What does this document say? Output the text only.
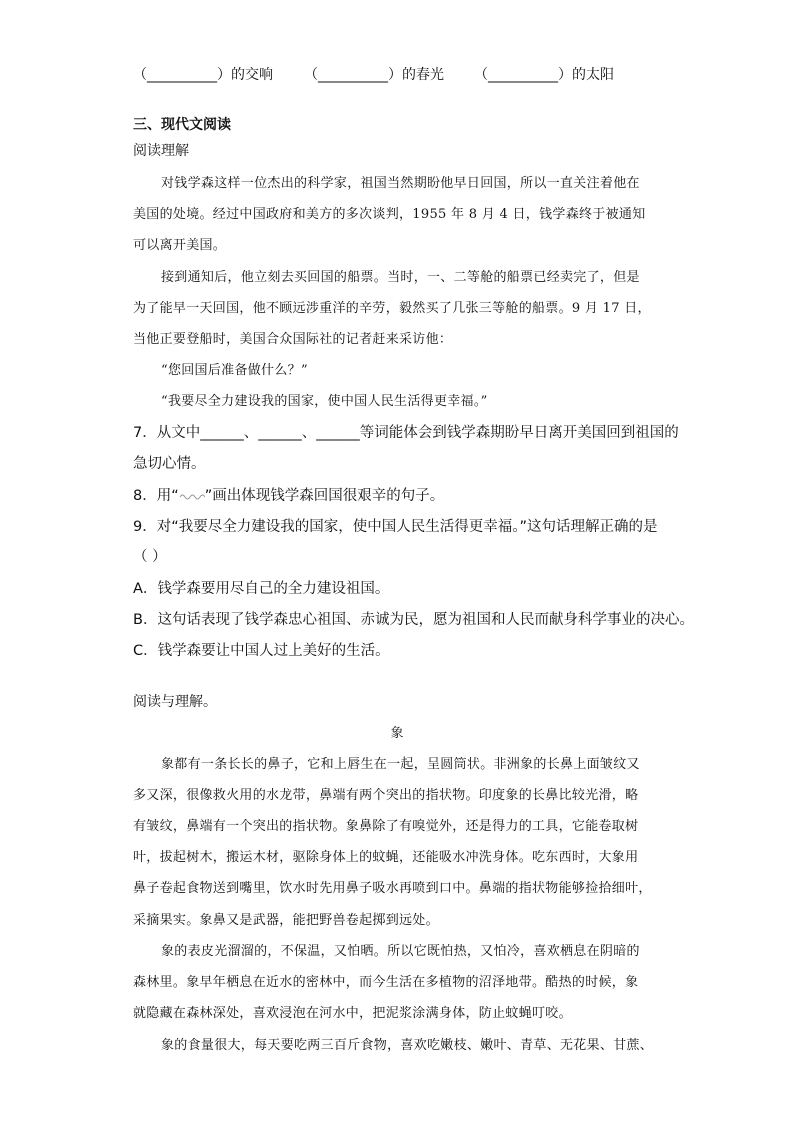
（__________）的交响 （__________）的春光 （__________）的太阳
三、现代文阅读
阅读理解
对钱学森这样一位杰出的科学家，祖国当然期盼他早日回国，所以一直关注着他在
美国的处境。经过中国政府和美方的多次谈判，1955 年 8 月 4 日，钱学森终于被通知
可以离开美国。
接到通知后，他立刻去买回国的船票。当时，一、二等舱的船票已经卖完了，但是
为了能早一天回国，他不顾远涉重洋的辛劳，毅然买了几张三等舱的船票。9 月 17 日，
当他正要登船时，美国合众国际社的记者赶来采访他：
“您回国后准备做什么？”
“我要尽全力建设我的国家，使中国人民生活得更幸福。”
7．从文中______、______、______等词能体会到钱学森期盼早日离开美国回到祖国的
急切心情。
8．用“ ”画出体现钱学森回国很艰辛的句子。
9．对“我要尽全力建设我的国家，使中国人民生活得更幸福。”这句话理解正确的是
（ ）
A．钱学森要用尽自己的全力建设祖国。
B．这句话表现了钱学森忠心祖国、赤诚为民，愿为祖国和人民而献身科学事业的决心。
C．钱学森要让中国人过上美好的生活。
阅读与理解。
象
象都有一条长长的鼻子，它和上唇生在一起，呈圆筒状。非洲象的长鼻上面皱纹又
多又深，很像救火用的水龙带，鼻端有两个突出的指状物。印度象的长鼻比较光滑，略
有皱纹，鼻端有一个突出的指状物。象鼻除了有嗅觉外，还是得力的工具，它能卷取树
叶，拔起树木，搬运木材，驱除身体上的蚊蝇，还能吸水冲洗身体。吃东西时，大象用
鼻子卷起食物送到嘴里，饮水时先用鼻子吸水再喷到口中。鼻端的指状物能够捡拾细叶，
采摘果实。象鼻又是武器，能把野兽卷起掷到远处。
象的表皮光溜溜的，不保温，又怕晒。所以它既怕热，又怕冷，喜欢栖息在阴暗的
森林里。象早年栖息在近水的密林中，而今生活在多植物的沼泽地带。酷热的时候，象
就隐藏在森林深处，喜欢浸泡在河水中，把泥浆涂满身体，防止蚊蝇叮咬。
象的食量很大，每天要吃两三百斤食物，喜欢吃嫩枝、嫩叶、青草、无花果、甘蔗、
